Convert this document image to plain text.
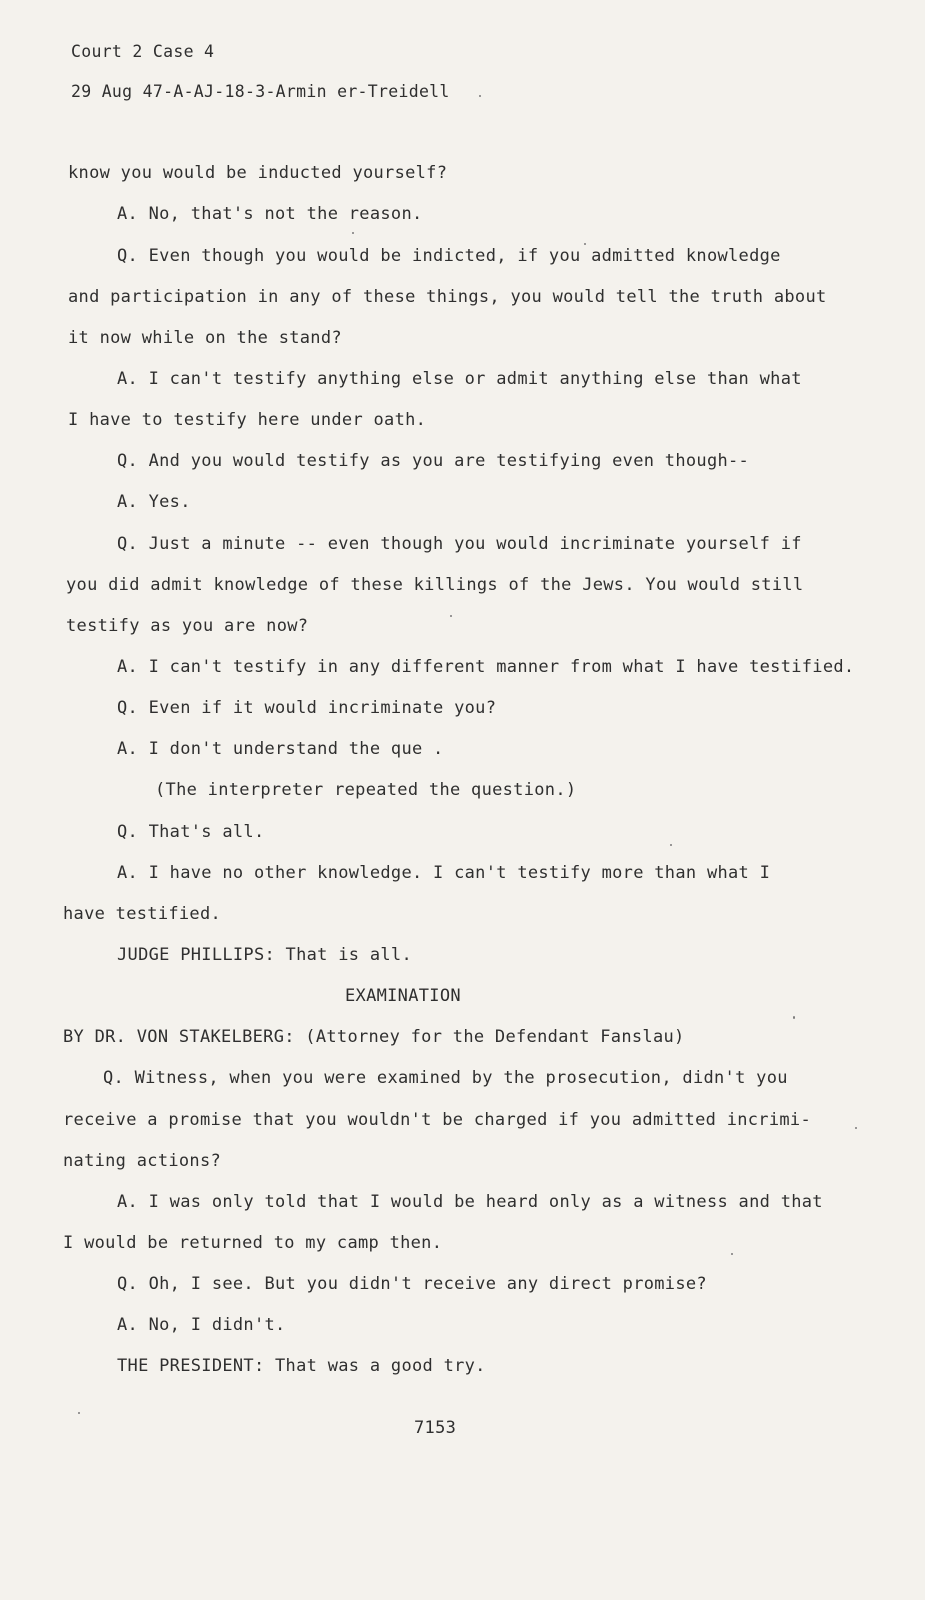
Court 2 Case 4
29 Aug 47-A-AJ-18-3-Armin er-Treidell
know you would be inducted yourself?
A. No, that's not the reason.
Q. Even though you would be indicted, if you admitted knowledge
and participation in any of these things, you would tell the truth about
it now while on the stand?
A. I can't testify anything else or admit anything else than what
I have to testify here under oath.
Q. And you would testify as you are testifying even though--
A. Yes.
Q. Just a minute -- even though you would incriminate yourself if
you did admit knowledge of these killings of the Jews. You would still
testify as you are now?
A. I can't testify in any different manner from what I have testified.
Q. Even if it would incriminate you?
A. I don't understand the que .
(The interpreter repeated the question.)
Q. That's all.
A. I have no other knowledge. I can't testify more than what I
have testified.
JUDGE PHILLIPS: That is all.
EXAMINATION
BY DR. VON STAKELBERG: (Attorney for the Defendant Fanslau)
Q. Witness, when you were examined by the prosecution, didn't you
receive a promise that you wouldn't be charged if you admitted incrimi-
nating actions?
A. I was only told that I would be heard only as a witness and that
I would be returned to my camp then.
Q. Oh, I see. But you didn't receive any direct promise?
A. No, I didn't.
THE PRESIDENT: That was a good try.
7153
